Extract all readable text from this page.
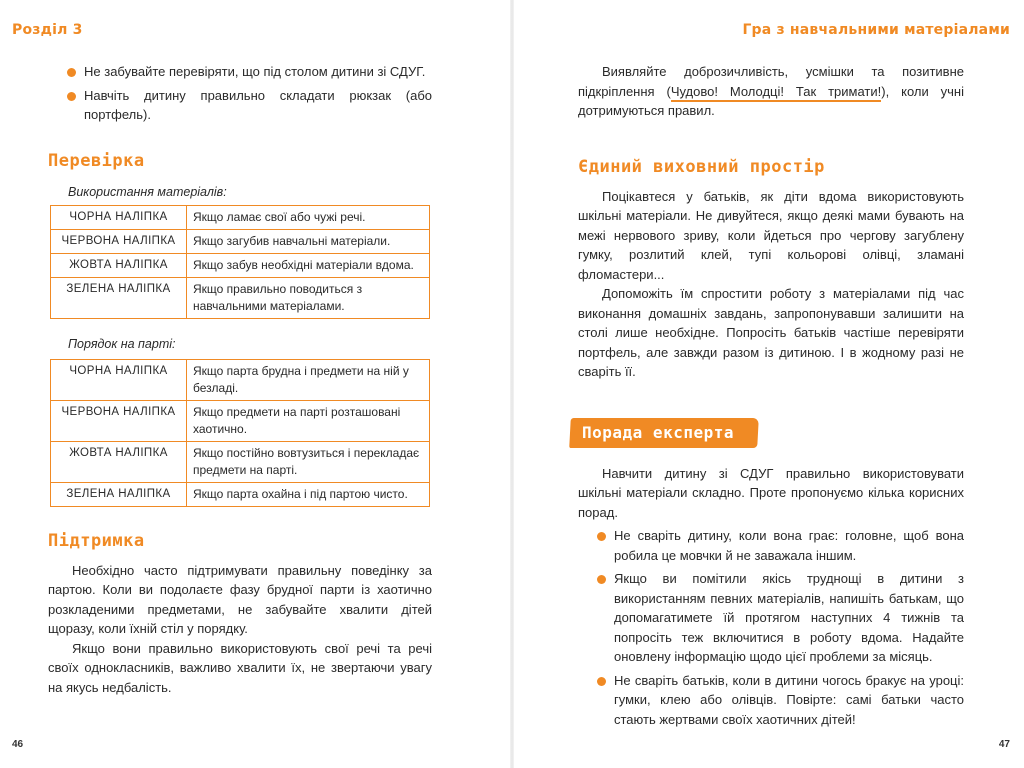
Розділ 3	Гра з навчальними матеріалами
Не забувайте перевіряти, що під столом дитини зі СДУГ.
Навчіть дитину правильно складати рюкзак (або портфель).
Перевірка
Використання матеріалів:
ЧОРНА НАЛІПКА	Якщо ламає свої або чужі речі.
ЧЕРВОНА НАЛІПКА	Якщо загубив навчальні матеріали.
ЖОВТА НАЛІПКА	Якщо забув необхідні матеріали вдома.
ЗЕЛЕНА НАЛІПКА	Якщо правильно поводиться з навчальними матеріалами.
Порядок на парті:
ЧОРНА НАЛІПКА	Якщо парта брудна і предмети на ній у безладі.
ЧЕРВОНА НАЛІПКА	Якщо предмети на парті розташовані хаотично.
ЖОВТА НАЛІПКА	Якщо постійно вовтузиться і перекладає предмети на парті.
ЗЕЛЕНА НАЛІПКА	Якщо парта охайна і під партою чисто.
Підтримка

Необхідно часто підтримувати правильну поведінку за партою. Коли ви подолаєте фазу брудної парти із хаотично розкладеними предметами, не забувайте хвалити дітей щоразу, коли їхній стіл у порядку.

Якщо вони правильно використовують свої речі та речі своїх однокласників, важливо хвалити їх, не звертаючи увагу на якусь недбалість.

Виявляйте доброзичливість, усмішки та позитивне підкріплення (Чудово! Молодці! Так тримати!), коли учні дотримуються правил.

Єдиний виховний простір

Поцікавтеся у батьків, як діти вдома використовують шкільні матеріали. Не дивуйтеся, якщо деякі мами бувають на межі нервового зриву, коли йдеться про чергову загублену гумку, розлитий клей, тупі кольорові олівці, зламані фломастери...

Допоможіть їм спростити роботу з матеріалами під час виконання домашніх завдань, запропонувавши залишити на столі лише необхідне. Попросіть батьків частіше перевіряти портфель, але завжди разом із дитиною. І в жодному разі не сваріть її.

Порада експерта

Навчити дитину зі СДУГ правильно використовувати шкільні матеріали складно. Проте пропонуємо кілька корисних порад.

Не сваріть дитину, коли вона грає: головне, щоб вона робила це мовчки й не заважала іншим.
Якщо ви помітили якісь труднощі в дитини з використанням певних матеріалів, напишіть батькам, що допомагатимете їй протягом наступних 4 тижнів та попросіть теж включитися в роботу вдома. Надайте оновлену інформацію щодо цієї проблеми за місяць.
Не сваріть батьків, коли в дитини чогось бракує на уроці: гумки, клею або олівців. Повірте: самі батьки часто стають жертвами своїх хаотичних дітей!
46	47
